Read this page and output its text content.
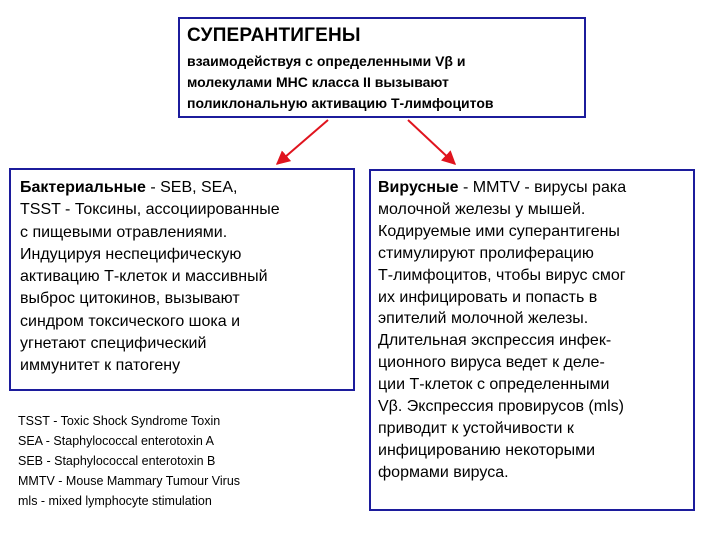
СУПЕРАНТИГЕНЫ
взаимодействуя с определенными Vβ и
молекулами MHC класса II вызывают
поликлональную активацию Т-лимфоцитов
Бактериальные - SEB, SEA,
TSST - Токсины, ассоциированные
с пищевыми отравлениями.
Индуцируя неспецифическую
активацию Т-клеток и массивный
выброс цитокинов, вызывают
синдром токсического шока и
угнетают специфический
иммунитет к патогену
Вирусные - MMTV - вирусы рака
молочной железы у мышей.
Кодируемые ими суперантигены
стимулируют пролиферацию
Т-лимфоцитов, чтобы вирус смог
их инфицировать и попасть в
эпителий молочной железы.
Длительная экспрессия инфек-
ционного вируса ведет к деле-
ции Т-клеток с определенными
Vβ. Экспрессия провирусов (mls)
приводит к устойчивости к
инфицированию некоторыми
формами вируса.
TSST - Toxic Shock Syndrome Toxin
SEA - Staphylococcal enterotoxin A
SEB - Staphylococcal enterotoxin B
MMTV - Mouse Mammary Tumour Virus
mls - mixed lymphocyte stimulation
